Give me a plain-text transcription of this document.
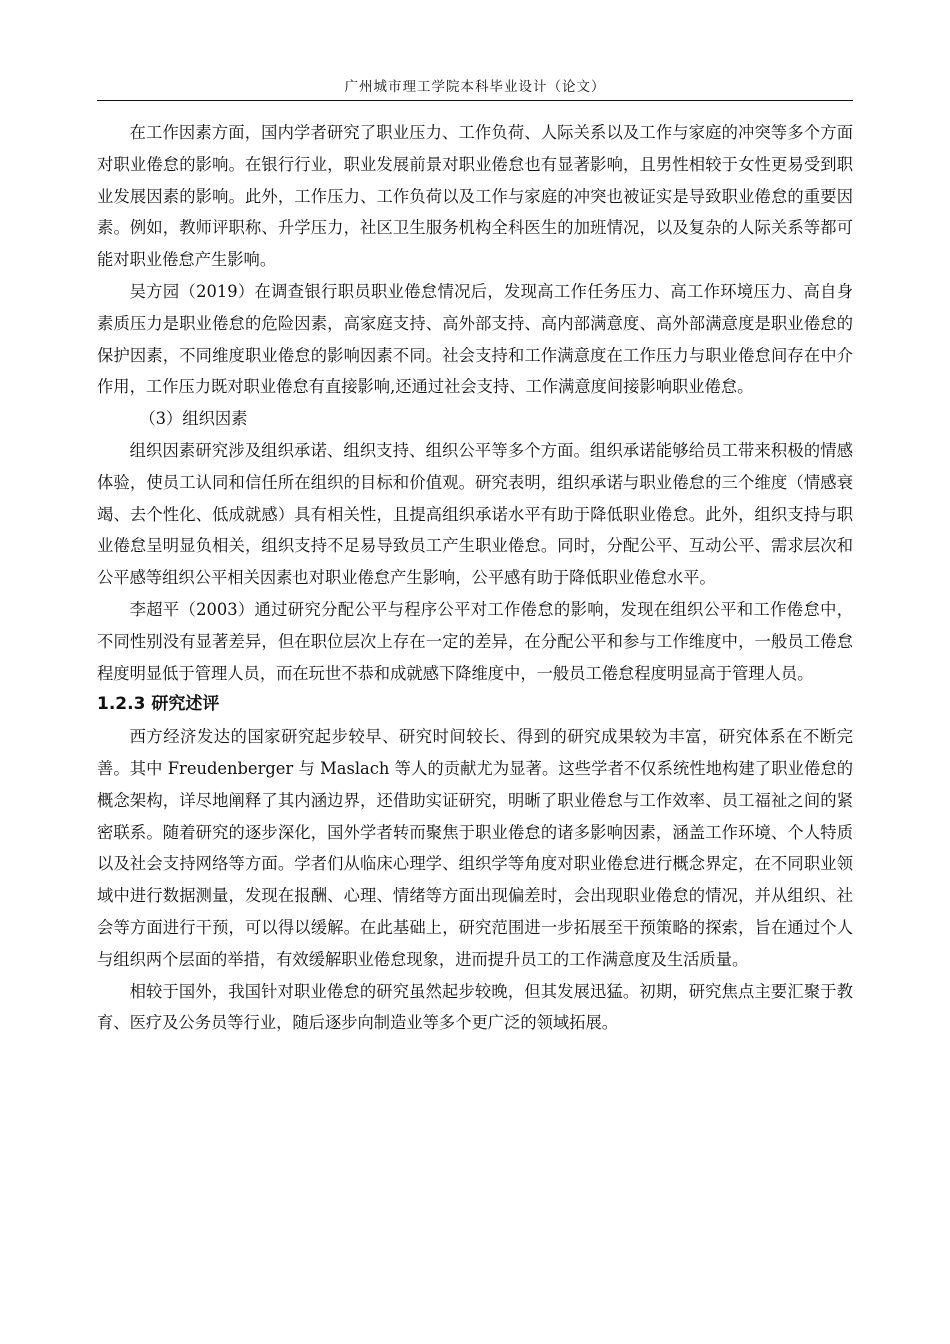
广州城市理工学院本科毕业设计（论文）

在工作因素方面，国内学者研究了职业压力、工作负荷、人际关系以及工作与家庭的冲突等多个方面对职业倦怠的影响。在银行行业，职业发展前景对职业倦怠也有显著影响，且男性相较于女性更易受到职业发展因素的影响。此外，工作压力、工作负荷以及工作与家庭的冲突也被证实是导致职业倦怠的重要因素。例如，教师评职称、升学压力，社区卫生服务机构全科医生的加班情况，以及复杂的人际关系等都可能对职业倦怠产生影响。

吴方园（2019）在调查银行职员职业倦怠情况后，发现高工作任务压力、高工作环境压力、高自身素质压力是职业倦怠的危险因素，高家庭支持、高外部支持、高内部满意度、高外部满意度是职业倦怠的保护因素，不同维度职业倦怠的影响因素不同。社会支持和工作满意度在工作压力与职业倦怠间存在中介作用，工作压力既对职业倦怠有直接影响,还通过社会支持、工作满意度间接影响职业倦怠。

（3）组织因素

组织因素研究涉及组织承诺、组织支持、组织公平等多个方面。组织承诺能够给员工带来积极的情感体验，使员工认同和信任所在组织的目标和价值观。研究表明，组织承诺与职业倦怠的三个维度（情感衰竭、去个性化、低成就感）具有相关性，且提高组织承诺水平有助于降低职业倦怠。此外，组织支持与职业倦怠呈明显负相关，组织支持不足易导致员工产生职业倦怠。同时，分配公平、互动公平、需求层次和公平感等组织公平相关因素也对职业倦怠产生影响，公平感有助于降低职业倦怠水平。

李超平（2003）通过研究分配公平与程序公平对工作倦怠的影响，发现在组织公平和工作倦怠中，不同性别没有显著差异，但在职位层次上存在一定的差异，在分配公平和参与工作维度中，一般员工倦怠程度明显低于管理人员，而在玩世不恭和成就感下降维度中，一般员工倦怠程度明显高于管理人员。

1.2.3 研究述评

西方经济发达的国家研究起步较早、研究时间较长、得到的研究成果较为丰富，研究体系在不断完善。其中 Freudenberger 与 Maslach 等人的贡献尤为显著。这些学者不仅系统性地构建了职业倦怠的概念架构，详尽地阐释了其内涵边界，还借助实证研究，明晰了职业倦怠与工作效率、员工福祉之间的紧密联系。随着研究的逐步深化，国外学者转而聚焦于职业倦怠的诸多影响因素，涵盖工作环境、个人特质以及社会支持网络等方面。学者们从临床心理学、组织学等角度对职业倦怠进行概念界定，在不同职业领域中进行数据测量，发现在报酬、心理、情绪等方面出现偏差时，会出现职业倦怠的情况，并从组织、社会等方面进行干预，可以得以缓解。在此基础上，研究范围进一步拓展至干预策略的探索，旨在通过个人与组织两个层面的举措，有效缓解职业倦怠现象，进而提升员工的工作满意度及生活质量。

相较于国外，我国针对职业倦怠的研究虽然起步较晚，但其发展迅猛。初期，研究焦点主要汇聚于教育、医疗及公务员等行业，随后逐步向制造业等多个更广泛的领域拓展。
